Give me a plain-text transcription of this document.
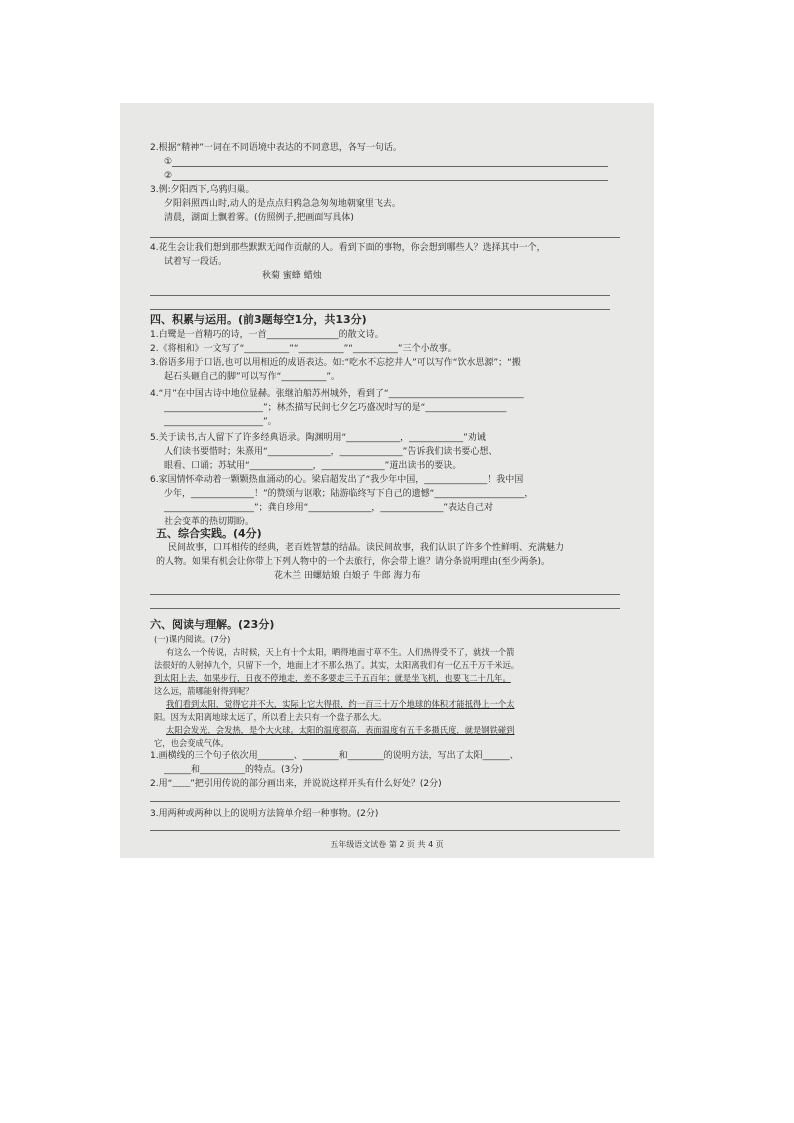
2.根据“精神”一词在不同语境中表达的不同意思，各写一句话。
①
②
3.例:夕阳西下,乌鸦归巢。
夕阳斜照西山时,动人的是点点归鸦急急匆匆地朝窠里飞去。
清晨，湖面上飘着雾。(仿照例子,把画面写具体)
4.花生会让我们想到那些默默无闻作贡献的人。看到下面的事物，你会想到哪些人？选择其中一个，
试着写一段话。
秋菊 蜜蜂 蜡烛
四、积累与运用。(前3题每空1分，共13分)
1.白鹭是一首精巧的诗，一首________________的散文诗。
2.《将相和》一文写了“__________”“__________”“__________”三个小故事。
3.俗语多用于口语,也可以用相近的成语表达。如:“吃水不忘挖井人”可以写作“饮水思源”；“搬
起石头砸自己的脚”可以写作“__________”。
4.“月”在中国古诗中地位显赫。张继泊船苏州城外，看到了“______________________________
______________________”；林杰描写民间七夕乞巧盛况时写的是“__________________
______________________”。
5.关于读书,古人留下了许多经典语录。陶渊明用“____________，____________”劝诫
人们读书要惜时；朱熹用“______________，______________”告诉我们读书要心想、
眼看、口诵；苏轼用“______________，______________”道出读书的要诀。
6.家国情怀牵动着一颗颗热血涌动的心。梁启超发出了“我少年中国，______________！我中国
少年，______________！”的赞颂与讴歌；陆游临终写下自己的遗憾“____________________，
____________________”；龚自珍用“______________，______________”表达自己对
社会变革的热切期盼。
五、综合实践。(4分)
民间故事，口耳相传的经典，老百姓智慧的结晶。读民间故事，我们认识了许多个性鲜明、充满魅力
的人物。如果有机会让你带上下列人物中的一个去旅行，你会带上谁？请分条说明理由(至少两条)。
花木兰 田螺姑娘 白娘子 牛郎 海力布
六、阅读与理解。(23分)
(一)课内阅读。(7分)
有这么一个传说，古时候，天上有十个太阳，晒得地面寸草不生。人们热得受不了，就找一个箭
法很好的人射掉九个，只留下一个，地面上才不那么热了。其实，太阳离我们有一亿五千万千米远。
到太阳上去，如果步行，日夜不停地走，差不多要走三千五百年；就是坐飞机，也要飞二十几年。
这么远，箭哪能射得到呢？
我们看到太阳，觉得它并不大，实际上它大得很，约一百三十万个地球的体积才能抵得上一个太
阳。因为太阳离地球太远了，所以看上去只有一个盘子那么大。
太阳会发光，会发热，是个大火球。太阳的温度很高，表面温度有五千多摄氏度，就是钢铁碰到
它，也会变成气体。
1.画横线的三个句子依次用________、________和________的说明方法，写出了太阳______、
______和__________的特点。(3分)
2.用“﹏﹏”把引用传说的部分画出来，并说说这样开头有什么好处？(2分)
3.用两种或两种以上的说明方法简单介绍一种事物。(2分)
五年级语文试卷 第 2 页 共 4 页
